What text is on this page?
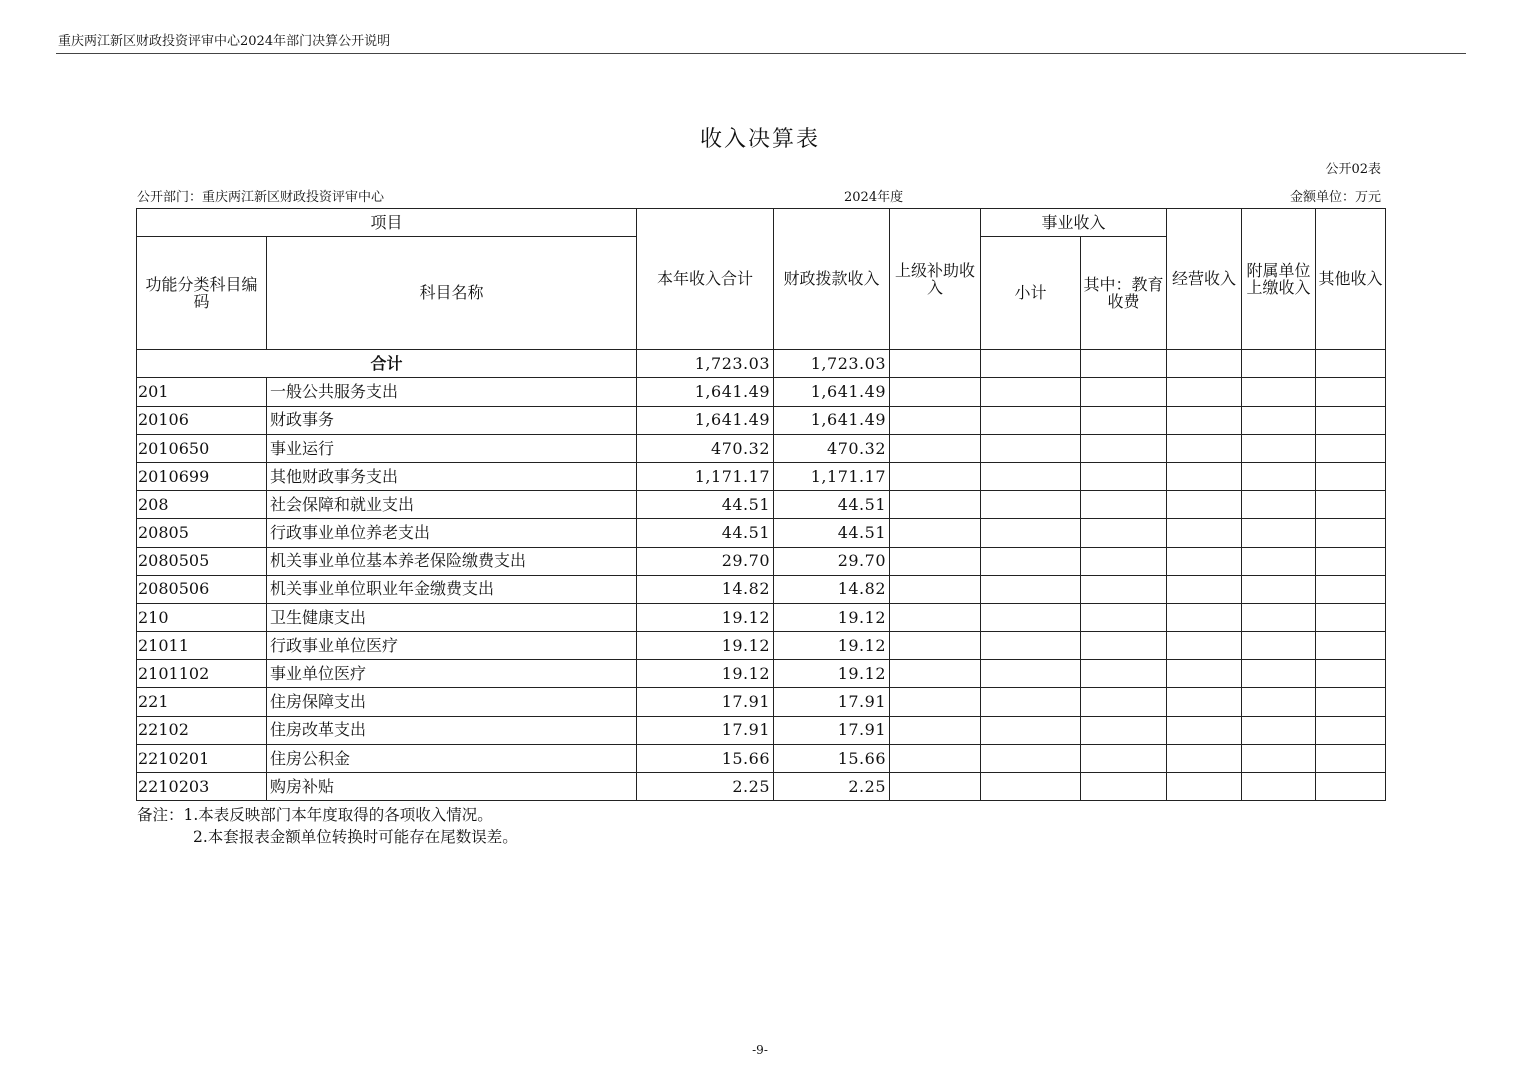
重庆两江新区财政投资评审中心2024年部门决算公开说明
收入决算表
公开02表
公开部门：重庆两江新区财政投资评审中心	2024年度	金额单位：万元
项目		本年收入合计	财政拨款收入	上级补助收入	事业收入		经营收入	附属单位上缴收入	其他收入
功能分类科目编码	科目名称				小计	其中：教育收费			
合计		1,723.03	1,723.03						
201	一般公共服务支出	1,641.49	1,641.49						
20106	财政事务	1,641.49	1,641.49						
2010650	事业运行	470.32	470.32						
2010699	其他财政事务支出	1,171.17	1,171.17						
208	社会保障和就业支出	44.51	44.51						
20805	行政事业单位养老支出	44.51	44.51						
2080505	机关事业单位基本养老保险缴费支出	29.70	29.70						
2080506	机关事业单位职业年金缴费支出	14.82	14.82						
210	卫生健康支出	19.12	19.12						
21011	行政事业单位医疗	19.12	19.12						
2101102	事业单位医疗	19.12	19.12						
221	住房保障支出	17.91	17.91						
22102	住房改革支出	17.91	17.91						
2210201	住房公积金	15.66	15.66						
2210203	购房补贴	2.25	2.25						
备注：1.本表反映部门本年度取得的各项收入情况。
2.本套报表金额单位转换时可能存在尾数误差。
-9-
